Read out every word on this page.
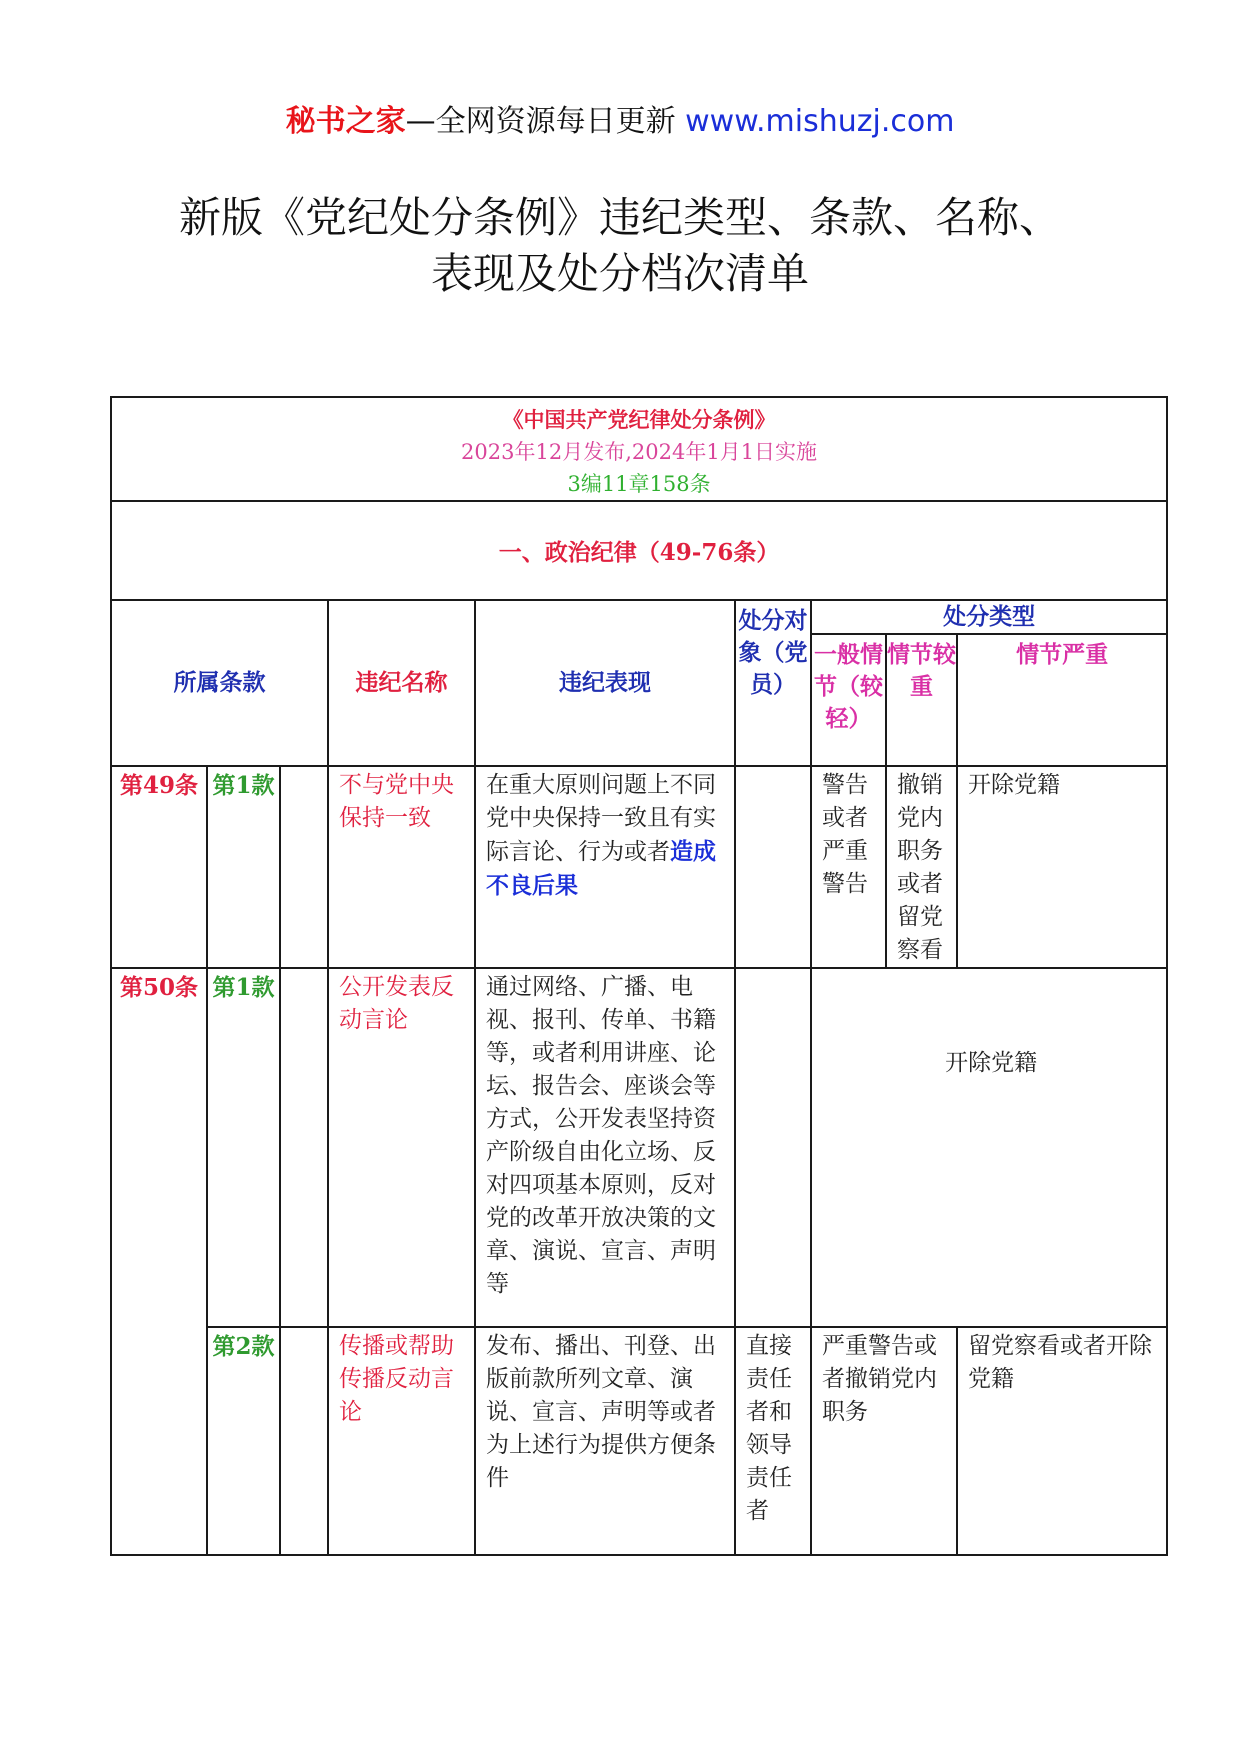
秘书之家—全网资源每日更新 www.mishuzj.com
新版《党纪处分条例》违纪类型、条款、名称、
表现及处分档次清单
《中国共产党纪律处分条例》
2023年12月发布,2024年1月1日实施
3编11章158条								

一、政治纪律（49-76条）								
所属条款			违纪名称	违纪表现	处分对象（党员）	处分类型		
						一般情节（较轻）	情节较重	情节严重
第49条	第1款		不与党中央保持一致	在重大原则问题上不同党中央保持一致且有实际言论、行为或者造成不良后果		警告或者严重警告	撤销党内职务或者留党察看	开除党籍
第50条	第1款		公开发表反动言论	通过网络、广播、电视、报刊、传单、书籍等，或者利用讲座、论坛、报告会、座谈会等方式，公开发表坚持资产阶级自由化立场、反对四项基本原则，反对党的改革开放决策的文章、演说、宣言、声明等		开除党籍		
	第2款		传播或帮助传播反动言论	发布、播出、刊登、出版前款所列文章、演说、宣言、声明等或者为上述行为提供方便条件	直接责任者和领导责任者	严重警告或者撤销党内职务		留党察看或者开除党籍
